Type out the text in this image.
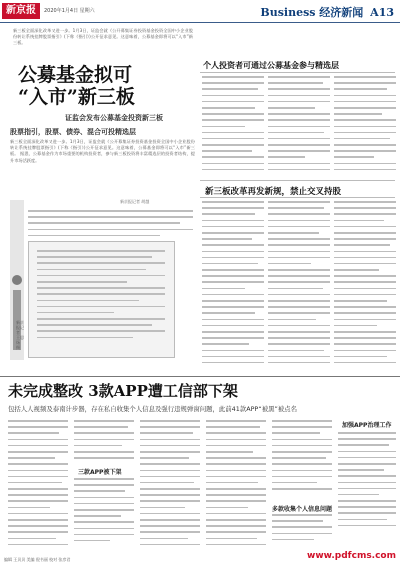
新京报	2020年1月4日 星期六	Business 经济新闻 A13
新三板全面深化改革又进一步。1月3日，证监会就《公开募集证券投资基金投资全国中小企业股份转让系统挂牌股票指引》(下称《指引》)公开征求意见。这意味着，公募基金即将可以“入市”新三板。
公募基金拟可
“入市”新三板
证监会发布公募基金投资新三板
股票指引，股票、债券、混合可投精选层
新三板全面深化改革又进一步。1月3日，证监会就《公开募集证券投资基金投资全国中小企业股份转让系统挂牌股票指引》(下称《指引》)公开征求意见。这意味着，公募基金即将可以“入市”新三板。 据悉，公募基金作为市场重要的机构投资者，参与新三板投资将丰富精选层的投资者结构，提升市场活跃度。
新京报记者 胡越
新京报记者 王思炀 摄
个人投资者可通过公募基金参与精选层
新三板改革再发新规，禁止交叉持股
未完成整改 3款APP遭工信部下架
包括人人视频及泰南计步器，存在私自收集个人信息及强行违规弹窗问题，此前41款APP“被黑”被点名
三款APP被下架
多款收集个人信息问题
加强APP治理工作
编辑 王贝贝 美编 倪书丽 校对 张彦君	www.pdfcms.com
